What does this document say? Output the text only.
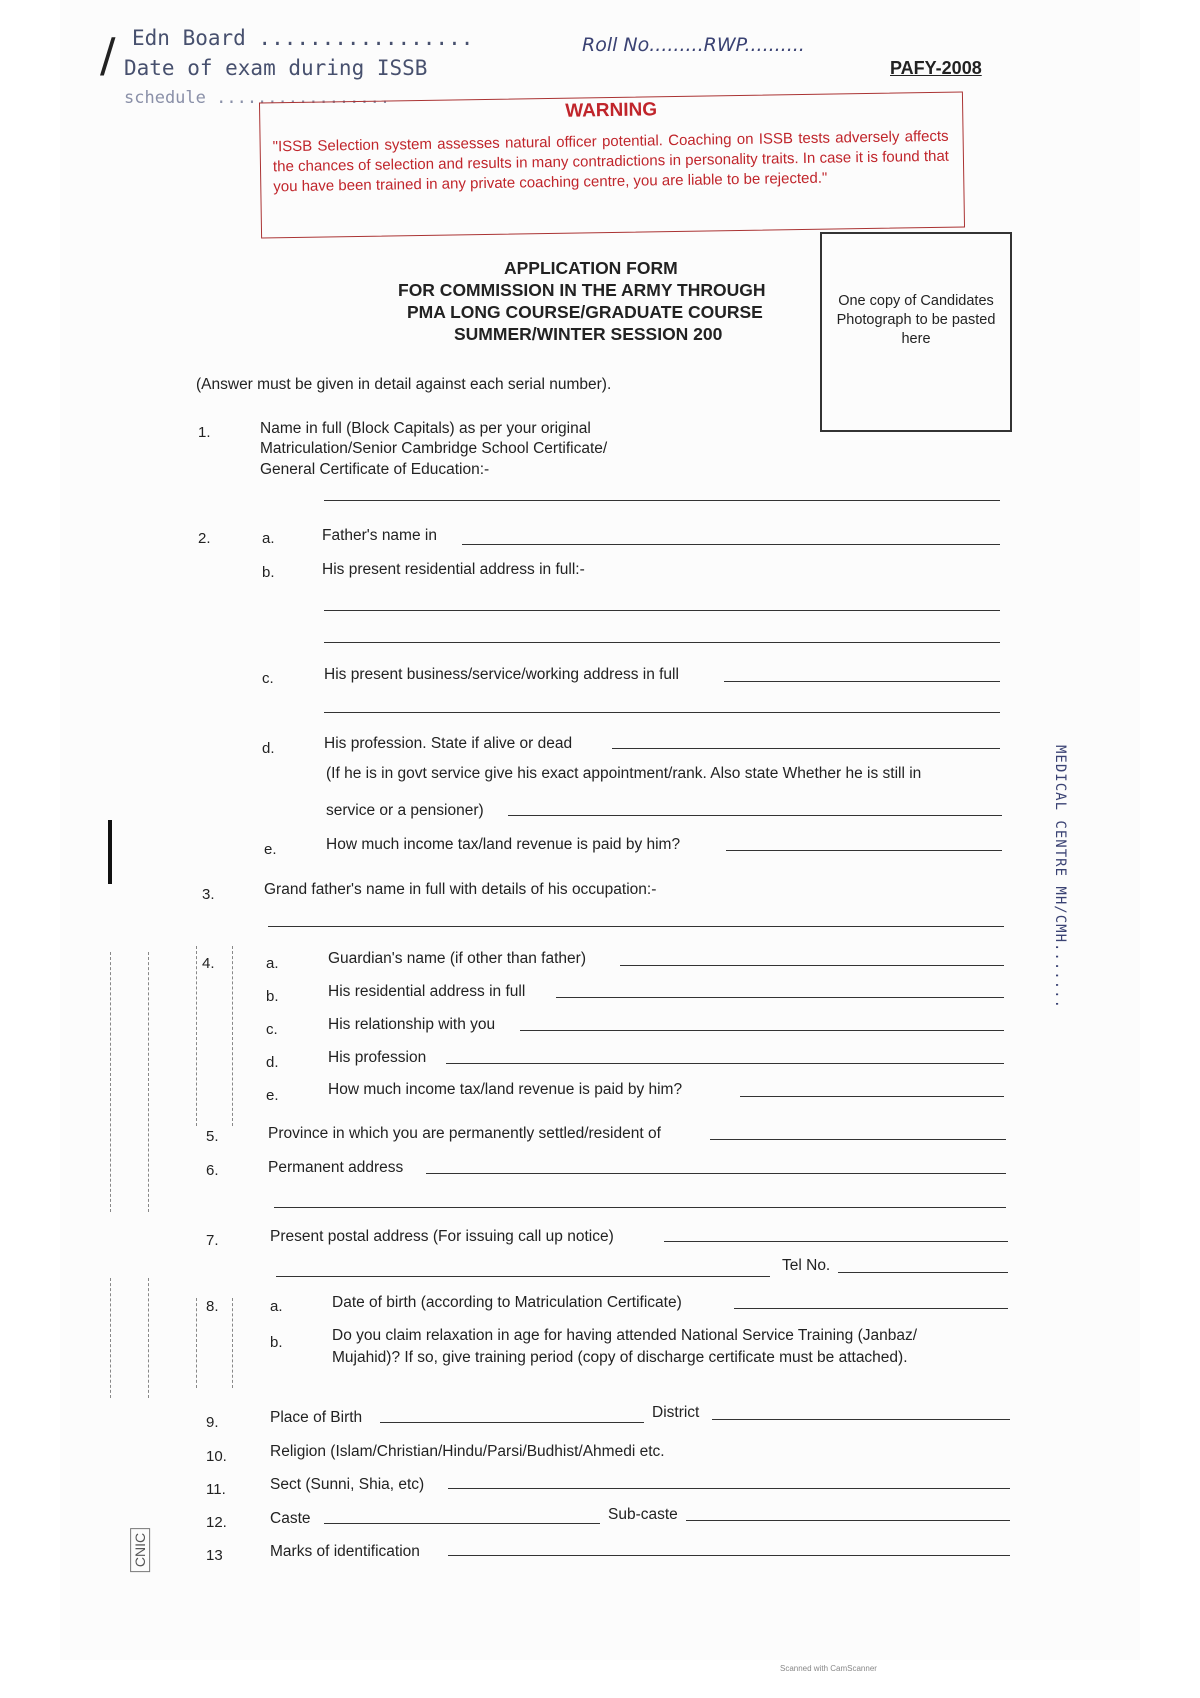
/ Edn Board .................
Date of exam during ISSB
schedule .................
Roll No.........RWP..........
PAFY-2008
WARNING
"ISSB Selection system assesses natural officer potential. Coaching on ISSB tests adversely affects the chances of selection and results in many contradictions in personality traits. In case it is found that you have been trained in any private coaching centre, you are liable to be rejected."
APPLICATION FORM
FOR COMMISSION IN THE ARMY THROUGH
PMA LONG COURSE/GRADUATE COURSE
SUMMER/WINTER SESSION 200
One copy of Candidates Photograph to be pasted here
(Answer must be given in detail against each serial number).
1.	Name in full (Block Capitals) as per your original
Matriculation/Senior Cambridge School Certificate/
General Certificate of Education:-
2.	a.	Father's name in
b.	His present residential address in full:-
c.	His present business/service/working address in full
d.	His profession. State if alive or dead
(If he is in govt service give his exact appointment/rank. Also state Whether he is still in
service or a pensioner)
e.	How much income tax/land revenue is paid by him?
3.	Grand father's name in full with details of his occupation:-
4.	a.	Guardian's name (if other than father)
b.	His residential address in full
c.	His relationship with you
d.	His profession
e.	How much income tax/land revenue is paid by him?
5.	Province in which you are permanently settled/resident of
6.	Permanent address
7.	Present postal address (For issuing call up notice)
Tel No.
8.	a.	Date of birth (according to Matriculation Certificate)
b.	Do you claim relaxation in age for having attended National Service Training (Janbaz/
Mujahid)? If so, give training period (copy of discharge certificate must be attached).
9.	Place of Birth	District
10.	Religion (Islam/Christian/Hindu/Parsi/Budhist/Ahmedi etc.
11.	Sect (Sunni, Shia, etc)
12.	Caste	Sub-caste
13	Marks of identification
MEDICAL CENTRE MH/CMH.......
CNIC
Scanned with CamScanner
